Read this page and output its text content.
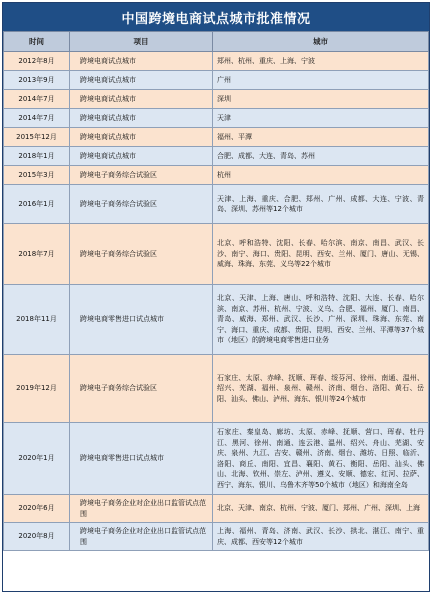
中国跨境电商试点城市批准情况
时间	项目	城市
2012年8月	跨境电商试点城市	郑州、杭州、重庆、上海、宁波
2013年9月	跨境电商试点城市	广州
2014年7月	跨境电商试点城市	深圳
2014年7月	跨境电商试点城市	天津
2015年12月	跨境电商试点城市	福州、平潭
2018年1月	跨境电商试点城市	合肥、成都、大连、青岛、苏州
2015年3月	跨境电子商务综合试验区	杭州
2016年1月	跨境电子商务综合试验区	天津、上海、重庆、合肥、郑州、广州、成都、大连、宁波、青岛、深圳、苏州等12个城市
2018年7月	跨境电子商务综合试验区	北京、呼和浩特、沈阳、长春、哈尔滨、南京、南昌、武汉、长沙、南宁、海口、贵阳、昆明、西安、兰州、厦门、唐山、无锡、威海、珠海、东莞、义乌等22个城市
2018年11月	跨境电商零售进口试点城市	北京、天津、上海、唐山、呼和浩特、沈阳、大连、长春、哈尔滨、南京、苏州、杭州、宁波、义乌、合肥、福州、厦门、南昌、青岛、威海、郑州、武汉、长沙、广州、深圳、珠海、东莞、南宁、海口、重庆、成都、贵阳、昆明、西安、兰州、平潭等37个城市（地区）的跨境电商零售进口业务
2019年12月	跨境电子商务综合试验区	石家庄、太原、赤峰、抚顺、珲春、绥芬河、徐州、南通、温州、绍兴、芜湖、福州、泉州、赣州、济南、烟台、洛阳、黄石、岳阳、汕头、佛山、泸州、海东、银川等24个城市
2020年1月	跨境电商零售进口试点城市	石家庄、秦皇岛、廊坊、太原、赤峰、抚顺、营口、珲春、牡丹江、黑河、徐州、南通、连云港、温州、绍兴、舟山、芜湖、安庆、泉州、九江、吉安、赣州、济南、烟台、潍坊、日照、临沂、洛阳、商丘、南阳、宜昌、襄阳、黄石、衡阳、岳阳、汕头、佛山、北海、钦州、崇左、泸州、遵义、安顺、德宏、红河、拉萨、西宁、海东、银川、乌鲁木齐等50个城市（地区）和海南全岛
2020年6月	跨境电子商务企业对企业出口监管试点范围	北京、天津、南京、杭州、宁波、厦门、郑州、广州、深圳、上海
2020年8月	跨境电子商务企业对企业出口监管试点范围	上海、福州、青岛、济南、武汉、长沙、拱北、湛江、南宁、重庆、成都、西安等12个城市
